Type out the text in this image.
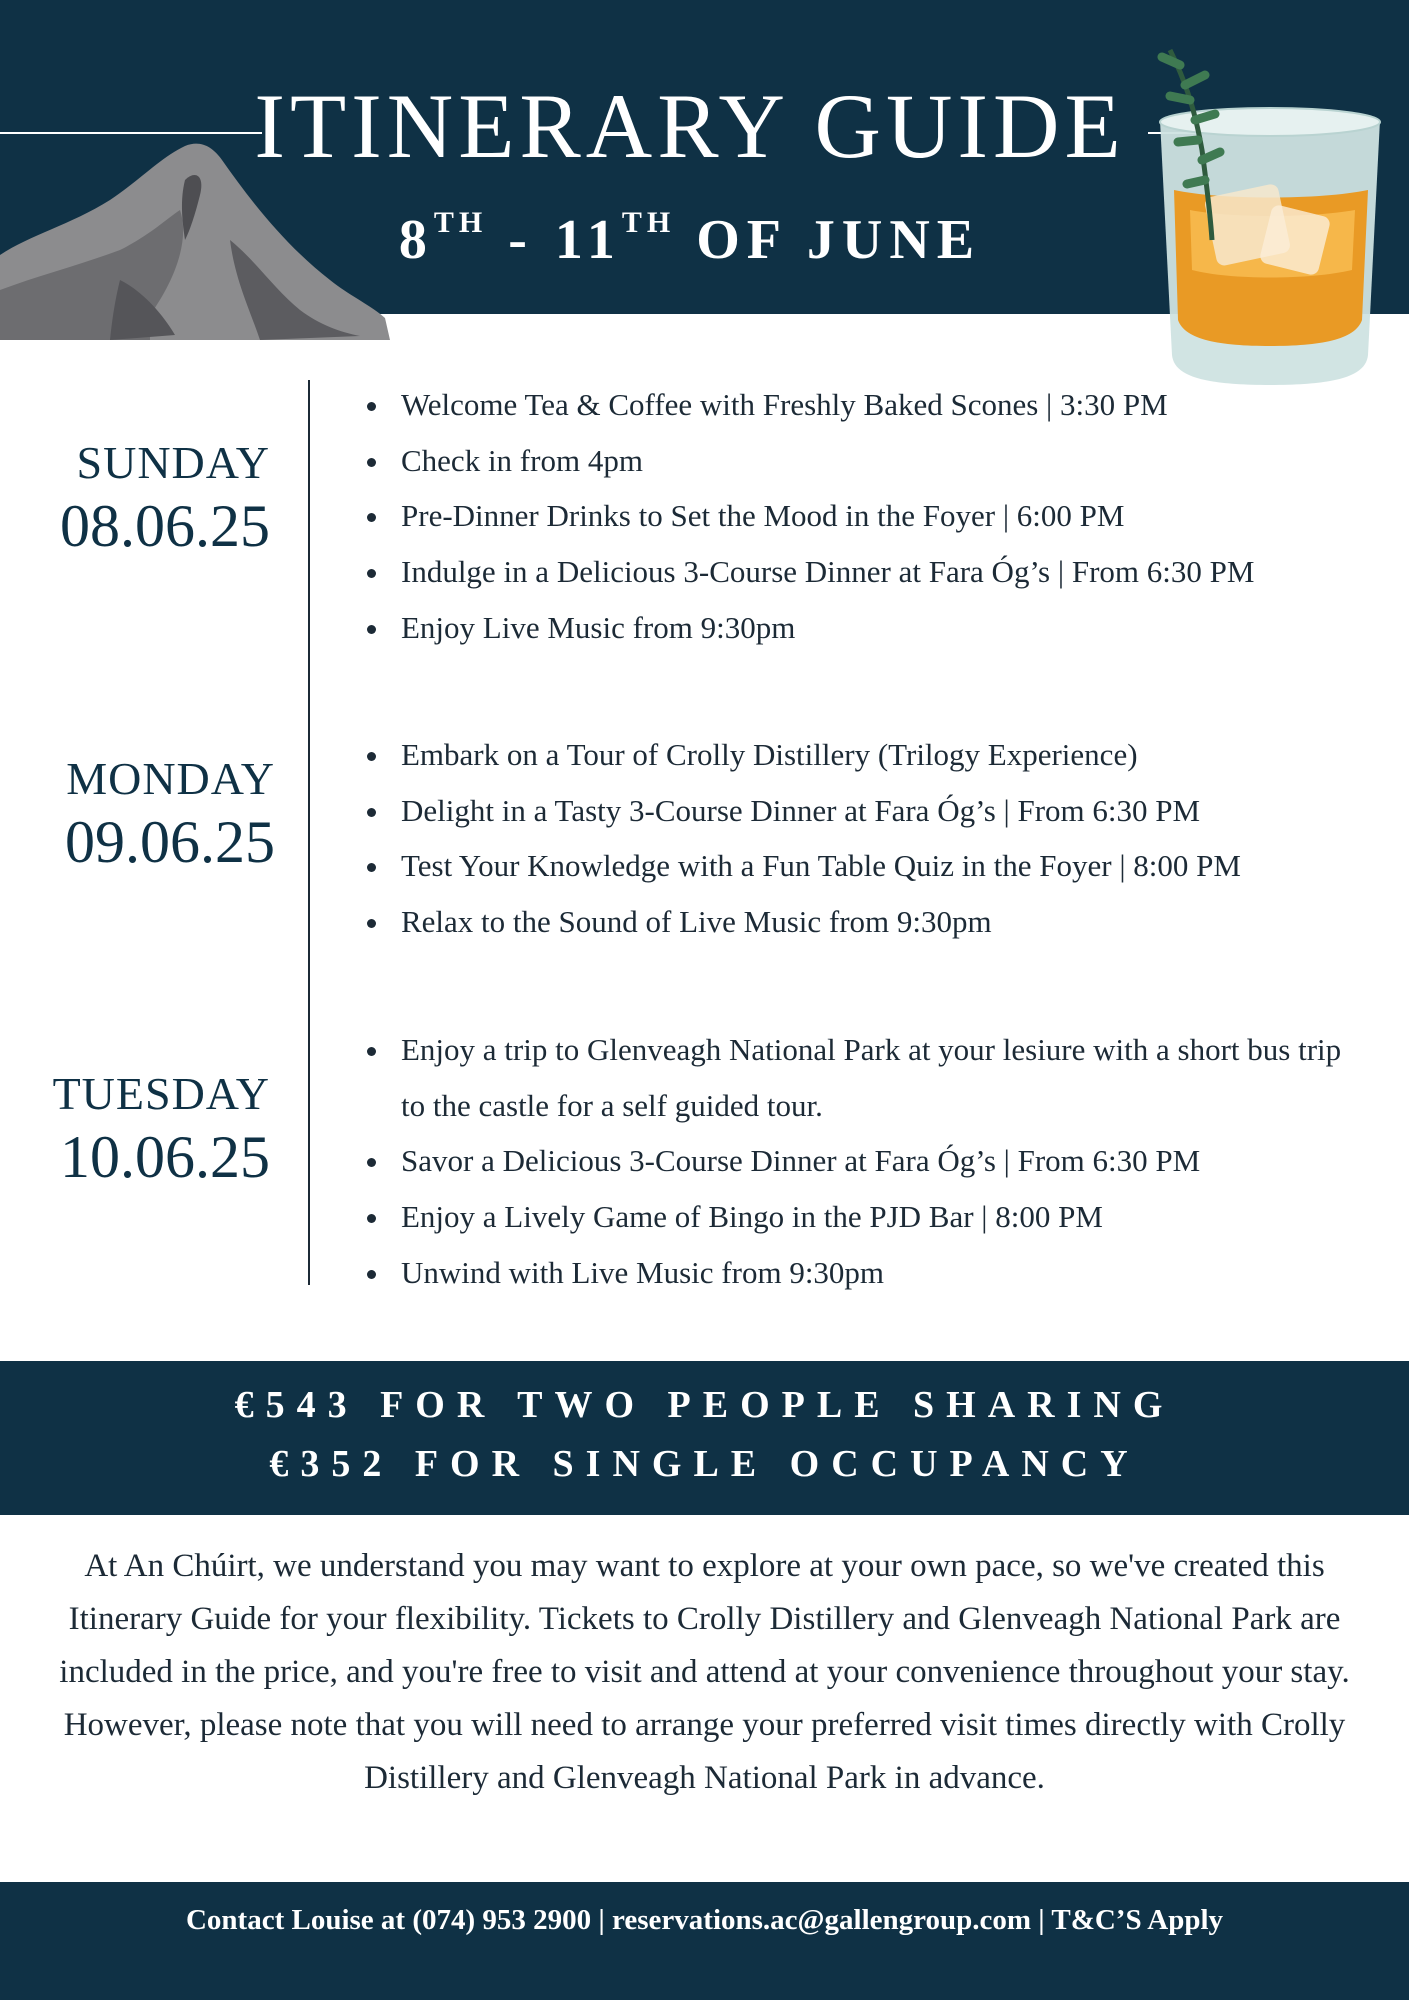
ITINERARY GUIDE
8TH - 11TH OF JUNE
SUNDAY
08.06.25
Welcome Tea & Coffee with Freshly Baked Scones | 3:30 PM
Check in from 4pm
Pre-Dinner Drinks to Set the Mood in the Foyer | 6:00 PM
Indulge in a Delicious 3-Course Dinner at Fara Óg’s | From 6:30 PM
Enjoy Live Music from 9:30pm
MONDAY
09.06.25
Embark on a Tour of Crolly Distillery (Trilogy Experience)
Delight in a Tasty 3-Course Dinner at Fara Óg’s | From 6:30 PM
Test Your Knowledge with a Fun Table Quiz in the Foyer | 8:00 PM
Relax to the Sound of Live Music from 9:30pm
TUESDAY
10.06.25
Enjoy a trip to Glenveagh National Park at your lesiure with a short bus trip to the castle for a self guided tour.
Savor a Delicious 3-Course Dinner at Fara Óg’s | From 6:30 PM
Enjoy a Lively Game of Bingo in the PJD Bar | 8:00 PM
Unwind with Live Music from 9:30pm
€543 FOR TWO PEOPLE SHARING
€352 FOR SINGLE OCCUPANCY
At An Chúirt, we understand you may want to explore at your own pace, so we've created this Itinerary Guide for your flexibility. Tickets to Crolly Distillery and Glenveagh National Park are included in the price, and you're free to visit and attend at your convenience throughout your stay. However, please note that you will need to arrange your preferred visit times directly with Crolly Distillery and Glenveagh National Park in advance.
Contact Louise at (074) 953 2900 | reservations.ac@gallengroup.com | T&C’S Apply
